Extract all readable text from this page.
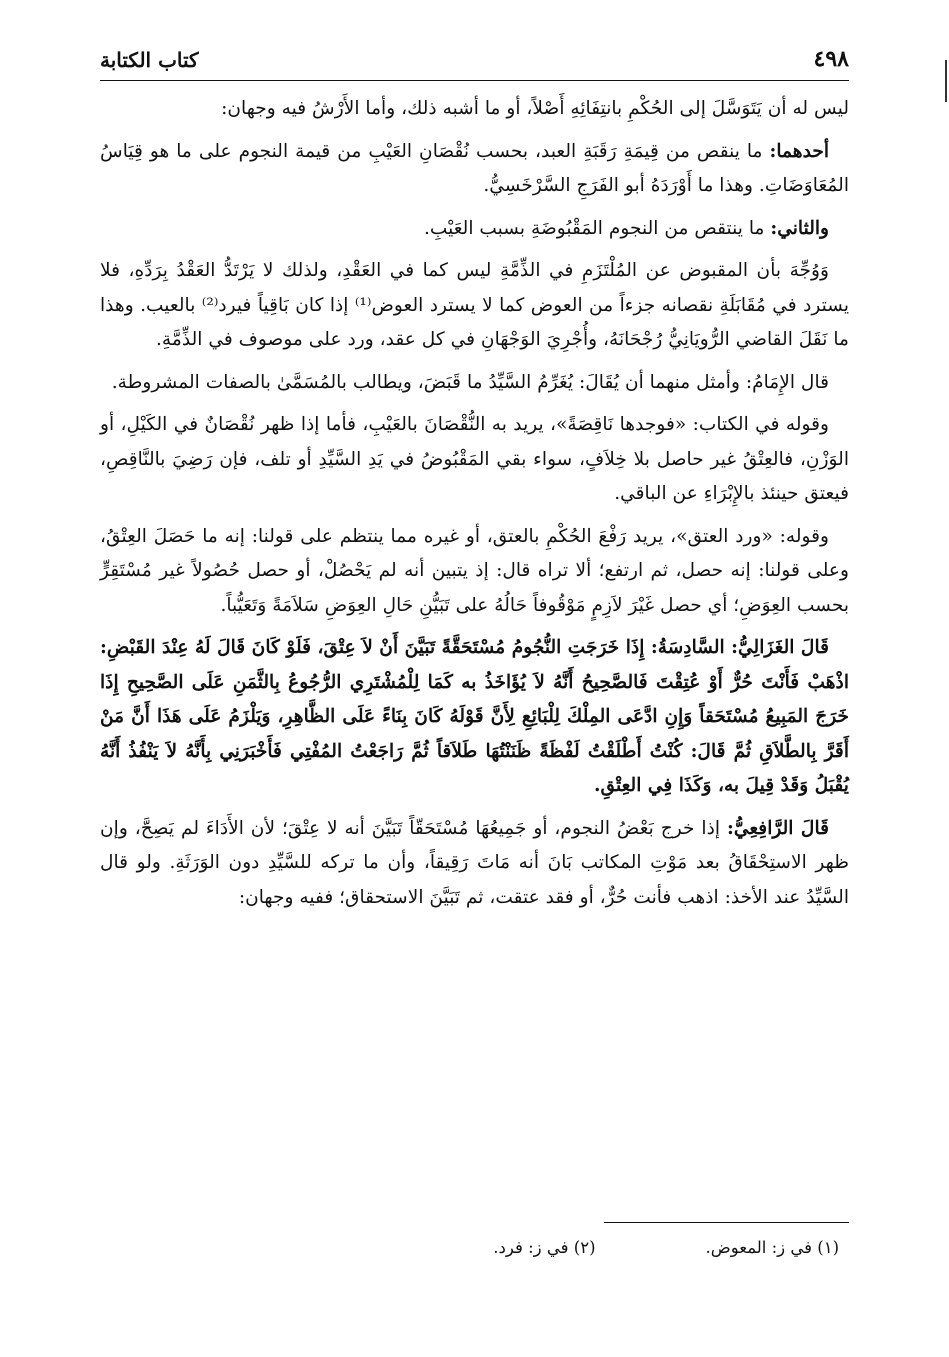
٤٩٨
كتاب الكتابة

ليس له أن يَتَوَسَّلَ إلى الحُكْمِ بانتِفَائِهِ أَصْلاً، أو ما أشبه ذلك، وأما الأَرْشُ فيه وجهان:

أحدهما: ما ينقص من قِيمَةِ رَقَبَةِ العبد، بحسب نُقْصَانِ العَيْبِ من قيمة النجوم على ما هو قِيَاسُ المُعَاوَضَاتِ. وهذا ما أَوْرَدَهُ أبو الفَرَجِ السَّرْخَسِيُّ.

والثاني: ما ينتقص من النجوم المَقْبُوضَةِ بسبب العَيْبِ.

وَوُجِّهَ بأن المقبوض عن المُلْتَزَمِ في الذِّمَّةِ ليس كما في العَقْدِ، ولذلك لا يَرْتَدُّ العَقْدُ بِرَدِّهِ، فلا يسترد في مُقَابَلَةِ نقصانه جزءاً من العوض كما لا يسترد العوض⁽¹⁾ إذا كان بَاقِياً فيرد⁽²⁾ بالعيب. وهذا ما نَقَلَ القاضي الرُّويَانِيُّ رُجْحَانَهُ، وأُجْرِيَ الوَجْهَانِ في كل عقد، ورد على موصوف في الذِّمَّةِ.

قال الإِمَامُ: وأمثل منهما أن يُقَالَ: يُغَرِّمُ السَّيِّدُ ما قَبَضَ، ويطالب بالمُسَمَّىٰ بالصفات المشروطة.

وقوله في الكتاب: «فوجدها نَاقِصَةً»، يريد به النُّقْصَانَ بالعَيْبِ، فأما إذا ظهر نُقْصَانٌ في الكَيْلِ، أو الوَزْنِ، فالعِتْقُ غير حاصل بلا خِلاَفٍ، سواء بقي المَقْبُوضُ في يَدِ السَّيِّدِ أو تلف، فإن رَضِيَ بالنَّاقِصِ، فيعتق حينئذ بالإِبْرَاءِ عن الباقي.

وقوله: «ورد العتق»، يريد رَفْعَ الحُكْمِ بالعتق، أو غيره مما ينتظم على قولنا: إنه ما حَصَلَ العِتْقُ، وعلى قولنا: إنه حصل، ثم ارتفع؛ ألا تراه قال: إذ يتبين أنه لم يَحْصُلْ، أو حصل حُصُولاً غير مُسْتَقِرٍّ بحسب العِوَضِ؛ أي حصل غَيْرَ لاَزِمٍ مَوْقُوفاً حَالُهُ على تَبَيُّنِ حَالِ العِوَضِ سَلاَمَةً وَتَعَيُّباً.

قَالَ الغَزَالِيُّ: السَّادِسَةُ: إِذَا خَرَجَتِ النُّجُومُ مُسْتَحَقَّةً تَبَيَّنَ أَنْ لاَ عِتْقَ، فَلَوْ كَانَ قَالَ لَهُ عِنْدَ القَبْضِ: اذْهَبْ فَأَنْتَ حُرٌّ أَوْ عُتِقْتَ فَالصَّحِيحُ أَنَّهُ لاَ يُؤَاخَذُ به كَمَا لِلْمُشْتَرِي الرُّجُوعُ بِالثَّمَنِ عَلَى الصَّحِيحِ إِذَا خَرَجَ المَبِيعُ مُسْتَحَقاً وَإِنِ ادَّعَى المِلْكَ لِلْبَائِعِ لِأَنَّ قَوْلَهُ كَانَ بِنَاءً عَلَى الظَّاهِرِ، وَيَلْزَمُ عَلَى هَذَا أَنَّ مَنْ أَقَرَّ بِالطَّلاَقِ ثُمَّ قَالَ: كُنْتُ أَطْلَقْتُ لَفْظَةً ظَنَنْتُهَا طَلاَقاً ثُمَّ رَاجَعْتُ المُفْتِي فَأَخْبَرَنِي بِأَنَّهُ لاَ يَنْفُذُ أَنَّهُ يُقْبَلُ وَقَدْ قِيلَ به، وَكَذَا فِي العِتْقِ.

قَالَ الرَّافِعِيُّ: إذا خرج بَعْضُ النجوم، أو جَمِيعُهَا مُسْتَحَقّاً تَبَيَّنَ أنه لا عِتْقَ؛ لأن الأَدَاءَ لم يَصِحَّ، وإن ظهر الاستِحْقَاقُ بعد مَوْتِ المكاتب بَانَ أنه مَاتَ رَقِيقاً، وأن ما تركه للسَّيِّدِ دون الوَرَثَةِ. ولو قال السَّيِّدُ عند الأخذ: اذهب فأنت حُرٌّ، أو فقد عتقت، ثم تَبَيَّنَ الاستحقاق؛ ففيه وجهان:

(١) في ز: المعوض.
(٢) في ز: فرد.
